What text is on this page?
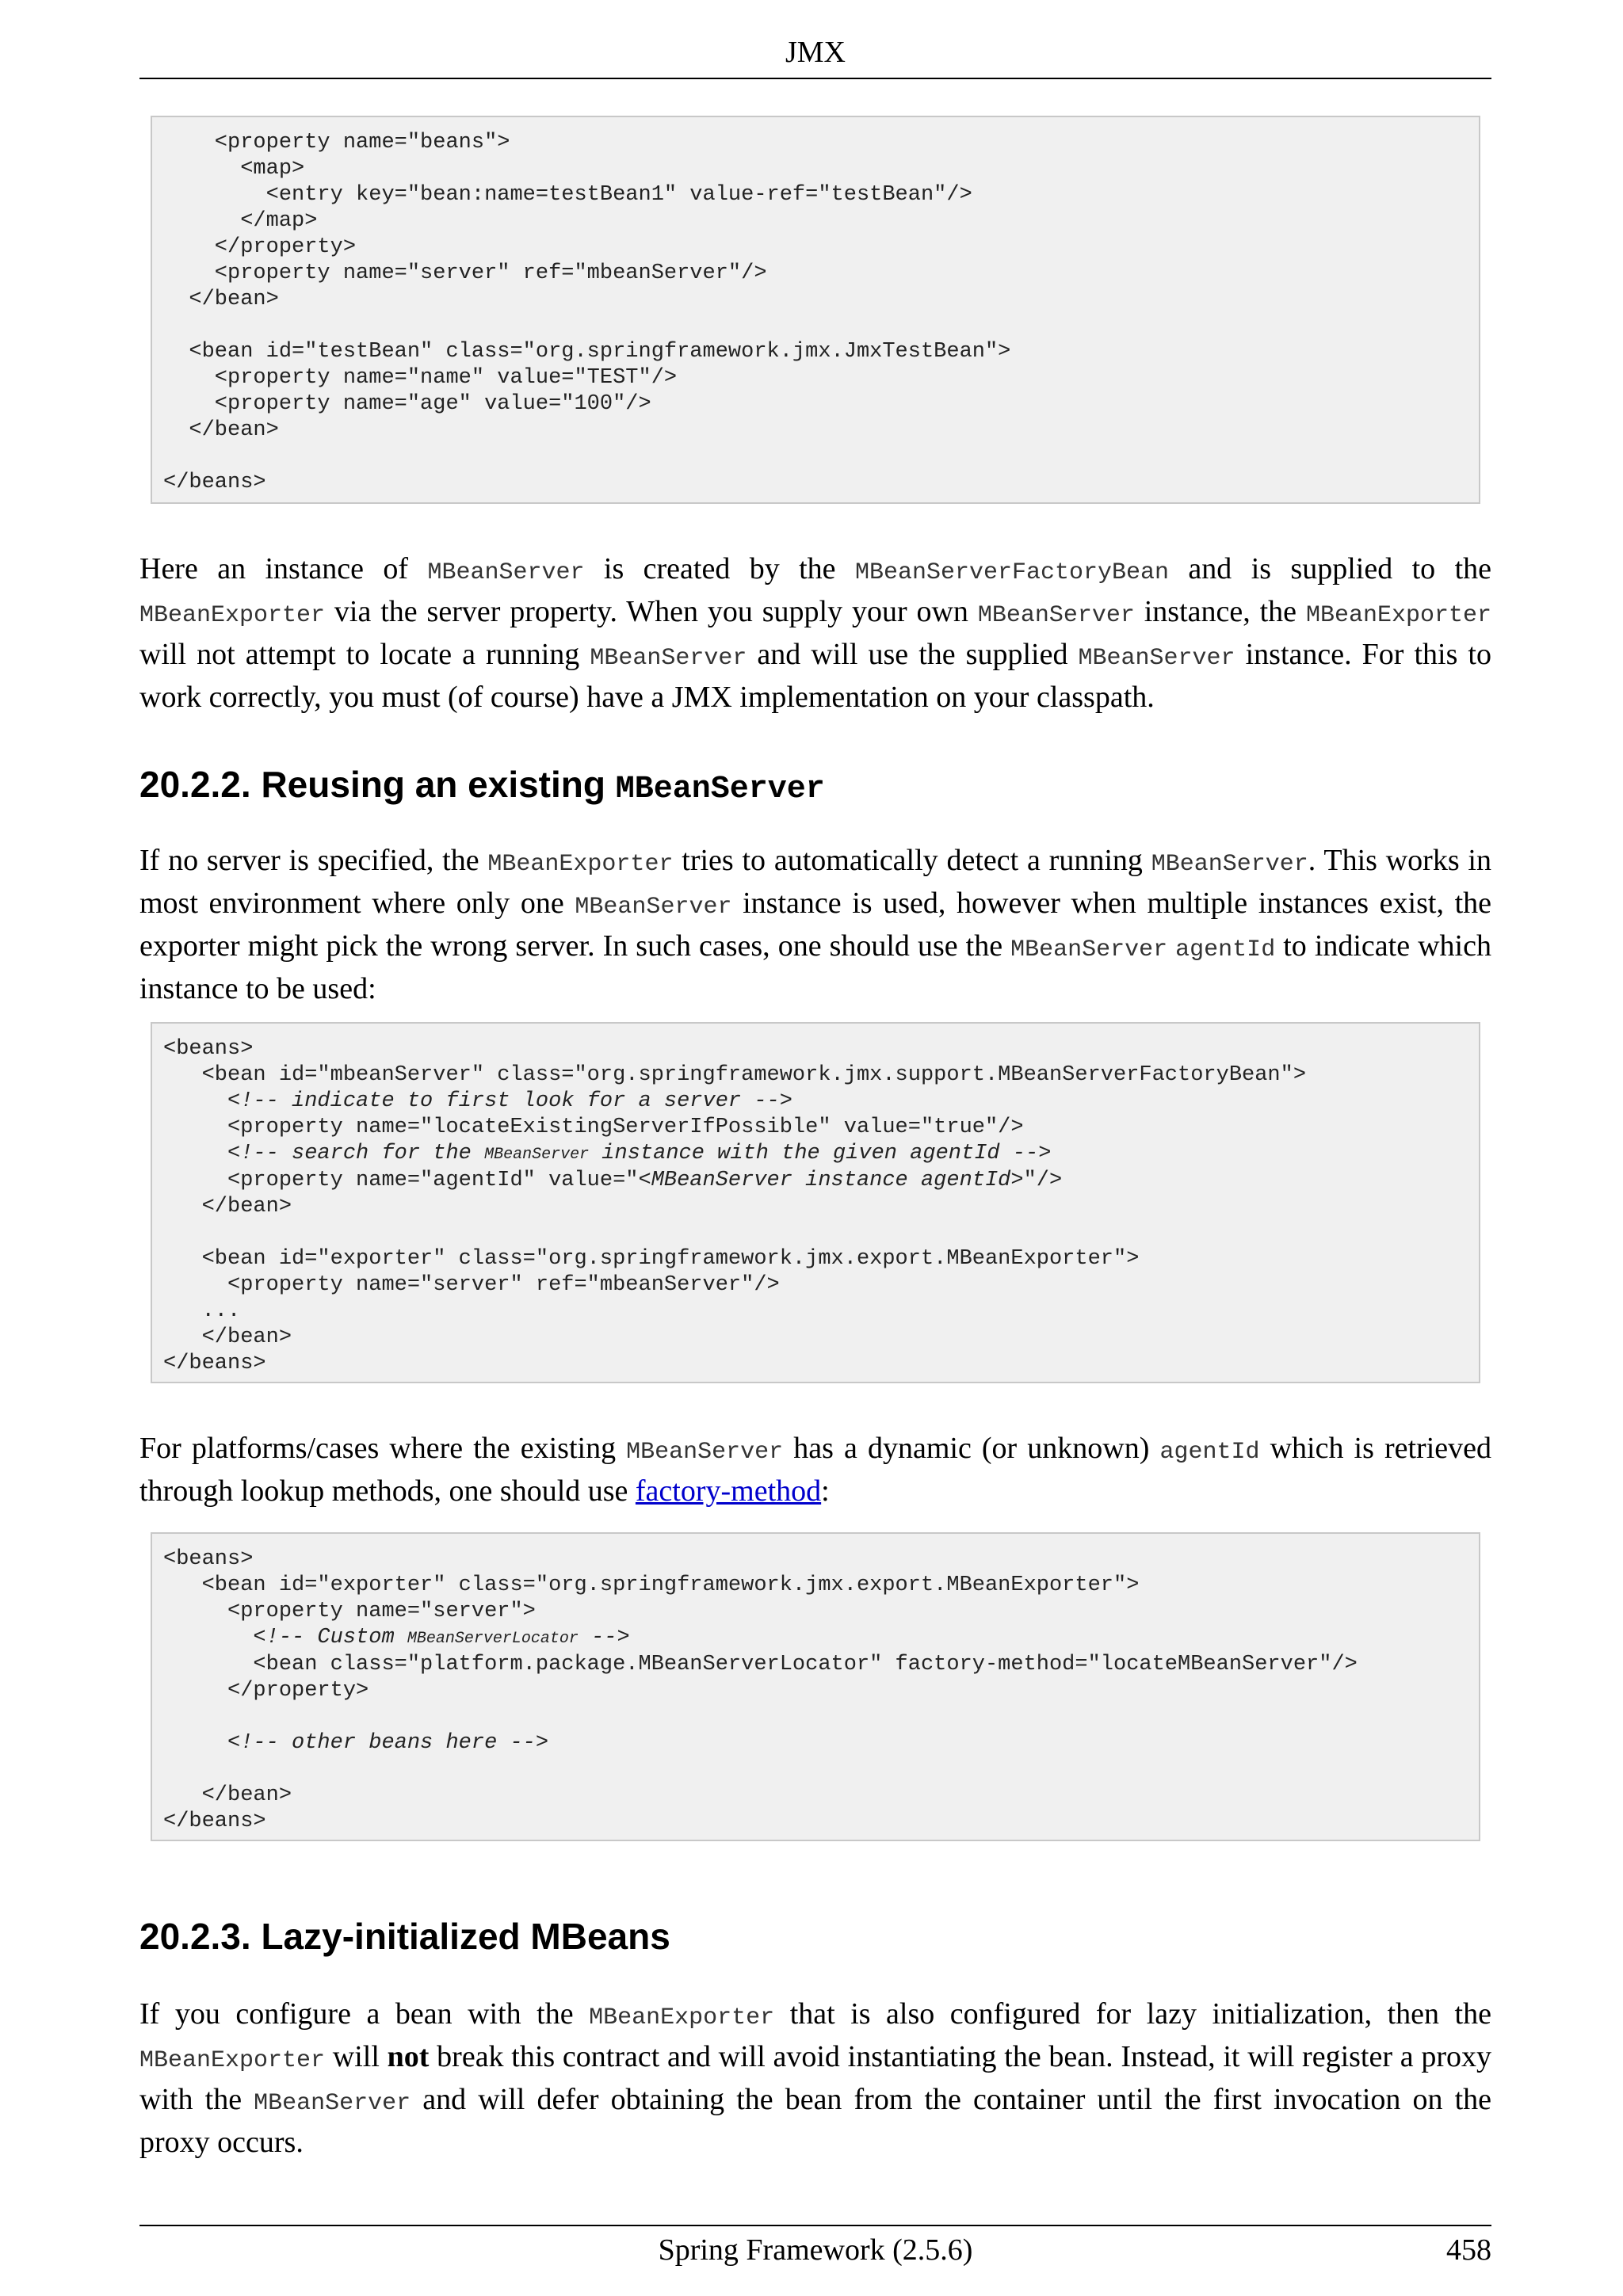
JMX
<property name="beans">
<map>
<entry key="bean:name=testBean1" value-ref="testBean"/>
</map>
</property>
<property name="server" ref="mbeanServer"/>
</bean>

<bean id="testBean" class="org.springframework.jmx.JmxTestBean">
<property name="name" value="TEST"/>
<property name="age" value="100"/>
</bean>

</beans>

Here an instance of MBeanServer is created by the MBeanServerFactoryBean and is supplied to the MBeanExporter via the server property. When you supply your own MBeanServer instance, the MBeanExporter will not attempt to locate a running MBeanServer and will use the supplied MBeanServer instance. For this to work correctly, you must (of course) have a JMX implementation on your classpath.

20.2.2. Reusing an existing MBeanServer

If no server is specified, the MBeanExporter tries to automatically detect a running MBeanServer. This works in most environment where only one MBeanServer instance is used, however when multiple instances exist, the exporter might pick the wrong server. In such cases, one should use the MBeanServer agentId to indicate which instance to be used:

<beans>
<bean id="mbeanServer" class="org.springframework.jmx.support.MBeanServerFactoryBean">
<!-- indicate to first look for a server -->
<property name="locateExistingServerIfPossible" value="true"/>
<!-- search for the MBeanServer instance with the given agentId -->
<property name="agentId" value="<MBeanServer instance agentId>"/>
</bean>

<bean id="exporter" class="org.springframework.jmx.export.MBeanExporter">
<property name="server" ref="mbeanServer"/>
...
</bean>
</beans>

For platforms/cases where the existing MBeanServer has a dynamic (or unknown) agentId which is retrieved through lookup methods, one should use factory-method:

<beans>
<bean id="exporter" class="org.springframework.jmx.export.MBeanExporter">
<property name="server">
<!-- Custom MBeanServerLocator -->
<bean class="platform.package.MBeanServerLocator" factory-method="locateMBeanServer"/>
</property>

<!-- other beans here -->

</bean>
</beans>
20.2.3. Lazy-initialized MBeans

If you configure a bean with the MBeanExporter that is also configured for lazy initialization, then the MBeanExporter will not break this contract and will avoid instantiating the bean. Instead, it will register a proxy with the MBeanServer and will defer obtaining the bean from the container until the first invocation on the proxy occurs.

Spring Framework (2.5.6)	458
